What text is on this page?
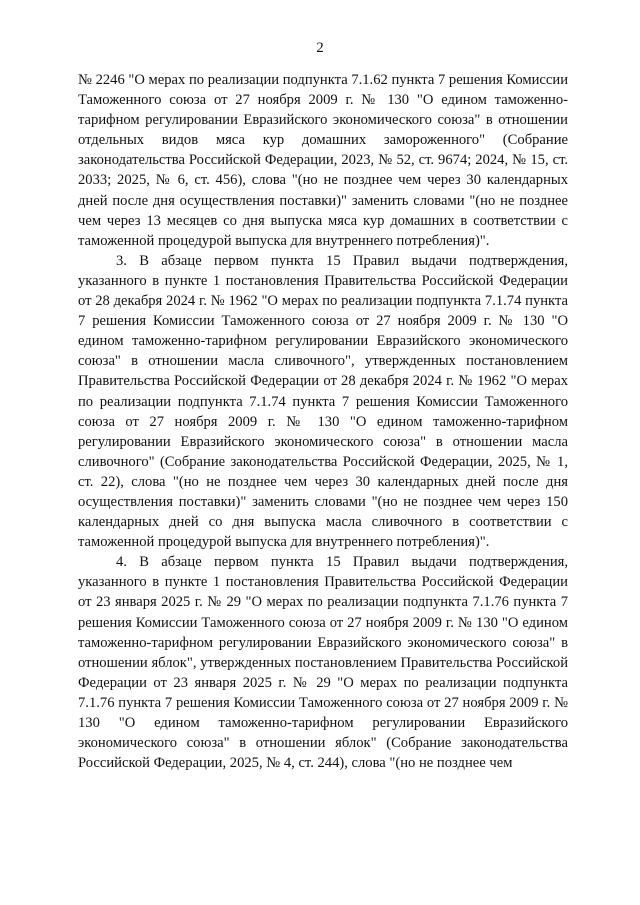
2

№ 2246 "О мерах по реализации подпункта 7.1.62 пункта 7 решения Комиссии Таможенного союза от 27 ноября 2009 г. № 130 "О едином таможенно-тарифном регулировании Евразийского экономического союза" в отношении отдельных видов мяса кур домашних замороженного" (Собрание законодательства Российской Федерации, 2023, № 52, ст. 9674; 2024, № 15, ст. 2033; 2025, № 6, ст. 456), слова "(но не позднее чем через 30 календарных дней после дня осуществления поставки)" заменить словами "(но не позднее чем через 13 месяцев со дня выпуска мяса кур домашних в соответствии с таможенной процедурой выпуска для внутреннего потребления)".

3. В абзаце первом пункта 15 Правил выдачи подтверждения, указанного в пункте 1 постановления Правительства Российской Федерации от 28 декабря 2024 г. № 1962 "О мерах по реализации подпункта 7.1.74 пункта 7 решения Комиссии Таможенного союза от 27 ноября 2009 г. № 130 "О едином таможенно-тарифном регулировании Евразийского экономического союза" в отношении масла сливочного", утвержденных постановлением Правительства Российской Федерации от 28 декабря 2024 г. № 1962 "О мерах по реализации подпункта 7.1.74 пункта 7 решения Комиссии Таможенного союза от 27 ноября 2009 г. № 130 "О едином таможенно-тарифном регулировании Евразийского экономического союза" в отношении масла сливочного" (Собрание законодательства Российской Федерации, 2025, № 1, ст. 22), слова "(но не позднее чем через 30 календарных дней после дня осуществления поставки)" заменить словами "(но не позднее чем через 150 календарных дней со дня выпуска масла сливочного в соответствии с таможенной процедурой выпуска для внутреннего потребления)".

4. В абзаце первом пункта 15 Правил выдачи подтверждения, указанного в пункте 1 постановления Правительства Российской Федерации от 23 января 2025 г. № 29 "О мерах по реализации подпункта 7.1.76 пункта 7 решения Комиссии Таможенного союза от 27 ноября 2009 г. № 130 "О едином таможенно-тарифном регулировании Евразийского экономического союза" в отношении яблок", утвержденных постановлением Правительства Российской Федерации от 23 января 2025 г. № 29 "О мерах по реализации подпункта 7.1.76 пункта 7 решения Комиссии Таможенного союза от 27 ноября 2009 г. № 130 "О едином таможенно-тарифном регулировании Евразийского экономического союза" в отношении яблок" (Собрание законодательства Российской Федерации, 2025, № 4, ст. 244), слова "(но не позднее чем
